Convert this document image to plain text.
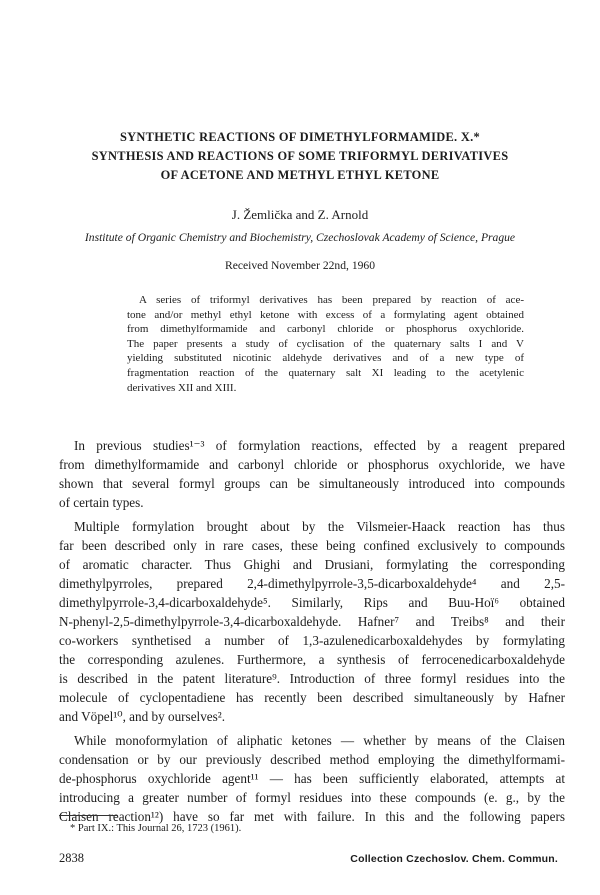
SYNTHETIC REACTIONS OF DIMETHYLFORMAMIDE. X.*
SYNTHESIS AND REACTIONS OF SOME TRIFORMYL DERIVATIVES
OF ACETONE AND METHYL ETHYL KETONE
J. Žemlička and Z. Arnold
Institute of Organic Chemistry and Biochemistry, Czechoslovak Academy of Science, Prague
Received November 22nd, 1960
A series of triformyl derivatives has been prepared by reaction of ace-
tone and/or methyl ethyl ketone with excess of a formylating agent obtained
from dimethylformamide and carbonyl chloride or phosphorus oxychloride.
The paper presents a study of cyclisation of the quaternary salts I and V
yielding substituted nicotinic aldehyde derivatives and of a new type of
fragmentation reaction of the quaternary salt XI leading to the acetylenic
derivatives XII and XIII.
In previous studies¹⁻³ of formylation reactions, effected by a reagent prepared
from dimethylformamide and carbonyl chloride or phosphorus oxychloride, we have
shown that several formyl groups can be simultaneously introduced into compounds
of certain types.
Multiple formylation brought about by the Vilsmeier-Haack reaction has thus
far been described only in rare cases, these being confined exclusively to compounds
of aromatic character. Thus Ghighi and Drusiani, formylating the corresponding
dimethylpyrroles, prepared 2,4-dimethylpyrrole-3,5-dicarboxaldehyde⁴ and 2,5-
dimethylpyrrole-3,4-dicarboxaldehyde⁵. Similarly, Rips and Buu-Hoï⁶ obtained
N-phenyl-2,5-dimethylpyrrole-3,4-dicarboxaldehyde. Hafner⁷ and Treibs⁸ and their
co-workers synthetised a number of 1,3-azulenedicarboxaldehydes by formylating
the corresponding azulenes. Furthermore, a synthesis of ferrocenedicarboxaldehyde
is described in the patent literature⁹. Introduction of three formyl residues into the
molecule of cyclopentadiene has recently been described simultaneously by Hafner
and Vöpel¹⁰, and by ourselves².
While monoformylation of aliphatic ketones — whether by means of the Claisen
condensation or by our previously described method employing the dimethylformami-
de-phosphorus oxychloride agent¹¹ — has been sufficiently elaborated, attempts at
introducing a greater number of formyl residues into these compounds (e. g., by the
Claisen reaction¹²) have so far met with failure. In this and the following papers
* Part IX.: This Journal 26, 1723 (1961).
2838	Collection Czechoslov. Chem. Commun.
